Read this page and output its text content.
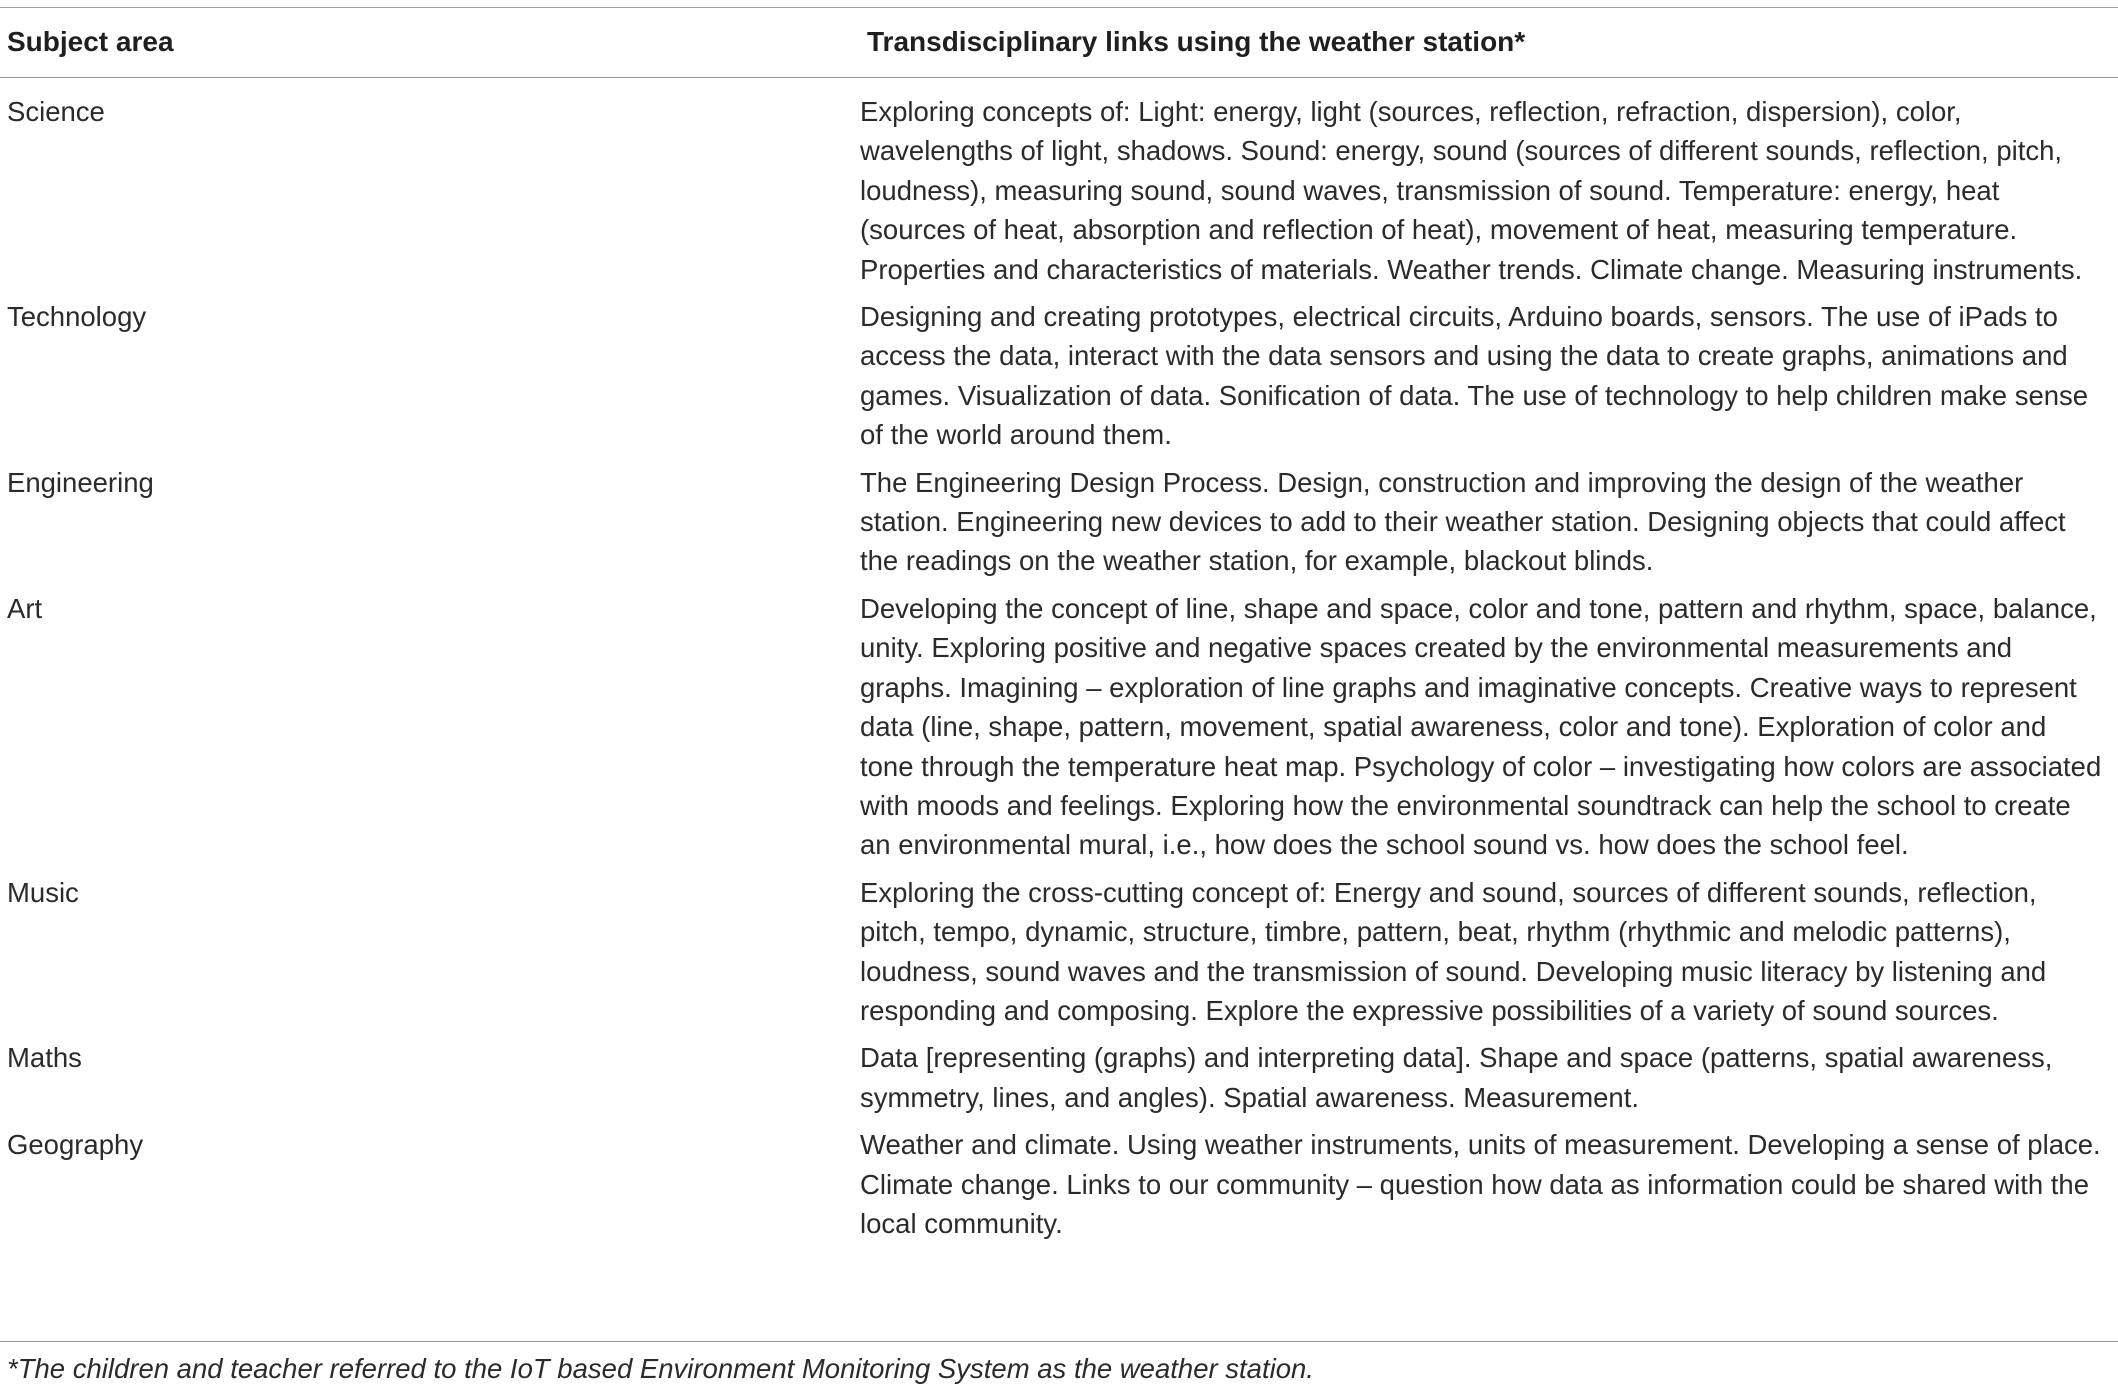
Subject area	Transdisciplinary links using the weather station*
Science	Exploring concepts of: Light: energy, light (sources, reflection, refraction, dispersion), color, wavelengths of light, shadows. Sound: energy, sound (sources of different sounds, reflection, pitch, loudness), measuring sound, sound waves, transmission of sound. Temperature: energy, heat (sources of heat, absorption and reflection of heat), movement of heat, measuring temperature. Properties and characteristics of materials. Weather trends. Climate change. Measuring instruments.
Technology	Designing and creating prototypes, electrical circuits, Arduino boards, sensors. The use of iPads to access the data, interact with the data sensors and using the data to create graphs, animations and games. Visualization of data. Sonification of data. The use of technology to help children make sense of the world around them.
Engineering	The Engineering Design Process. Design, construction and improving the design of the weather station. Engineering new devices to add to their weather station. Designing objects that could affect the readings on the weather station, for example, blackout blinds.
Art	Developing the concept of line, shape and space, color and tone, pattern and rhythm, space, balance, unity. Exploring positive and negative spaces created by the environmental measurements and graphs. Imagining – exploration of line graphs and imaginative concepts. Creative ways to represent data (line, shape, pattern, movement, spatial awareness, color and tone). Exploration of color and tone through the temperature heat map. Psychology of color – investigating how colors are associated with moods and feelings. Exploring how the environmental soundtrack can help the school to create an environmental mural, i.e., how does the school sound vs. how does the school feel.
Music	Exploring the cross-cutting concept of: Energy and sound, sources of different sounds, reflection, pitch, tempo, dynamic, structure, timbre, pattern, beat, rhythm (rhythmic and melodic patterns), loudness, sound waves and the transmission of sound. Developing music literacy by listening and responding and composing. Explore the expressive possibilities of a variety of sound sources.
Maths	Data [representing (graphs) and interpreting data]. Shape and space (patterns, spatial awareness, symmetry, lines, and angles). Spatial awareness. Measurement.
Geography	Weather and climate. Using weather instruments, units of measurement. Developing a sense of place. Climate change. Links to our community – question how data as information could be shared with the local community.
*The children and teacher referred to the IoT based Environment Monitoring System as the weather station.
